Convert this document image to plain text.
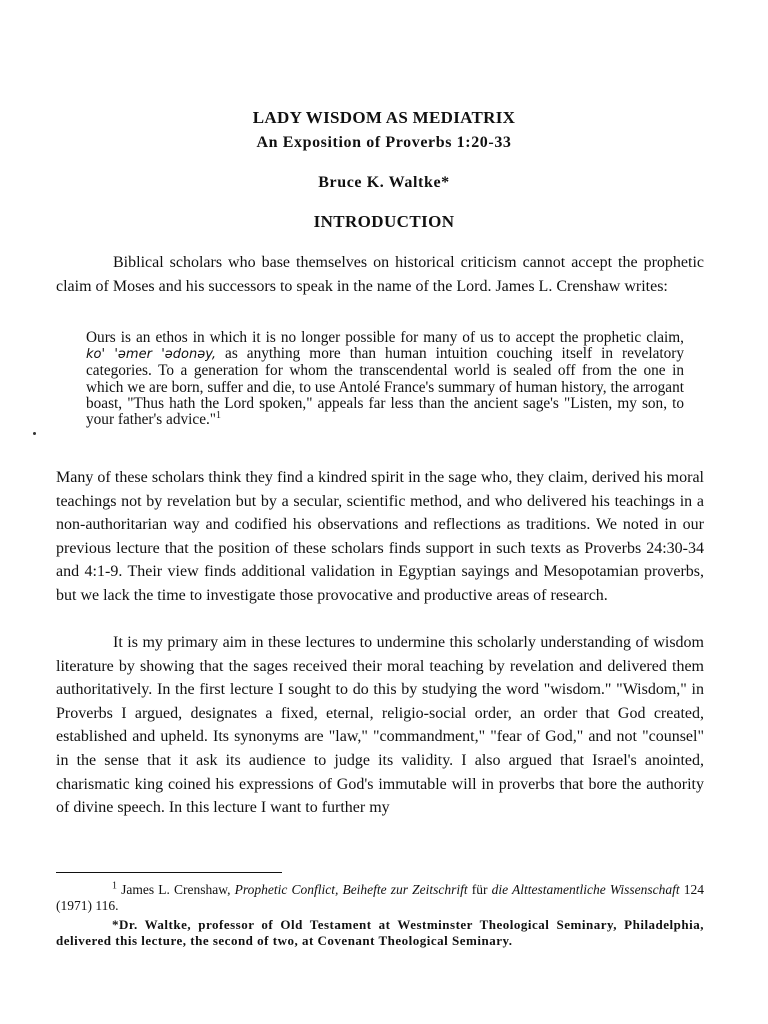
LADY WISDOM AS MEDIATRIX
An Exposition of Proverbs 1:20-33
Bruce K. Waltke*
INTRODUCTION
Biblical scholars who base themselves on historical criticism cannot accept the prophetic claim of Moses and his successors to speak in the name of the Lord. James L. Crenshaw writes:
Ours is an ethos in which it is no longer possible for many of us to accept the prophetic claim, ko' 'əmer 'ədonəy, as anything more than human intuition couching itself in revelatory categories. To a generation for whom the transcendental world is sealed off from the one in which we are born, suffer and die, to use Antolé France's summary of human history, the arrogant boast, "Thus hath the Lord spoken," appeals far less than the ancient sage's "Listen, my son, to your father's advice."$^1$
Many of these scholars think they find a kindred spirit in the sage who, they claim, derived his moral teachings not by revelation but by a secular, scientific method, and who delivered his teachings in a non-authoritarian way and codified his observations and reflections as traditions. We noted in our previous lecture that the position of these scholars finds support in such texts as Proverbs 24:30-34 and 4:1-9. Their view finds additional validation in Egyptian sayings and Mesopotamian proverbs, but we lack the time to investigate those provocative and productive areas of research.
It is my primary aim in these lectures to undermine this scholarly understanding of wisdom literature by showing that the sages received their moral teaching by revelation and delivered them authoritatively. In the first lecture I sought to do this by studying the word "wisdom." "Wisdom," in Proverbs I argued, designates a fixed, eternal, religio-social order, an order that God created, established and upheld. Its synonyms are "law," "commandment," "fear of God," and not "counsel" in the sense that it ask its audience to judge its validity. I also argued that Israel's anointed, charismatic king coined his expressions of God's immutable will in proverbs that bore the authority of divine speech. In this lecture I want to further my
$^1$ James L. Crenshaw, Prophetic Conflict, Beihefte zur Zeitschrift für die Alttestamentliche Wissenschaft 124 (1971) 116.
*Dr. Waltke, professor of Old Testament at Westminster Theological Seminary, Philadelphia, delivered this lecture, the second of two, at Covenant Theological Seminary.
